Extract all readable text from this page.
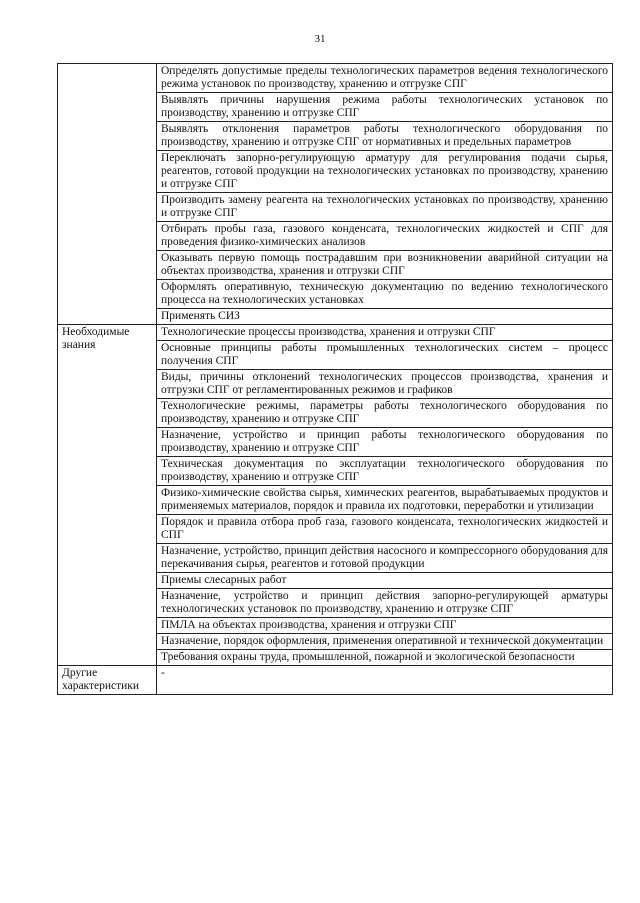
31
	Определять допустимые пределы технологических параметров ведения технологического режима установок по производству, хранению и отгрузке СПГ
	Выявлять причины нарушения режима работы технологических установок по производству, хранению и отгрузке СПГ
	Выявлять отклонения параметров работы технологического оборудования по производству, хранению и отгрузке СПГ от нормативных и предельных параметров
	Переключать запорно-регулирующую арматуру для регулирования подачи сырья, реагентов, готовой продукции на технологических установках по производству, хранению и отгрузке СПГ
	Производить замену реагента на технологических установках по производству, хранению и отгрузке СПГ
	Отбирать пробы газа, газового конденсата, технологических жидкостей и СПГ для проведения физико-химических анализов
	Оказывать первую помощь пострадавшим при возникновении аварийной ситуации на объектах производства, хранения и отгрузки СПГ
	Оформлять оперативную, техническую документацию по ведению технологического процесса на технологических установках
	Применять СИЗ
Необходимые знания	Технологические процессы производства, хранения и отгрузки СПГ
	Основные принципы работы промышленных технологических систем – процесс получения СПГ
	Виды, причины отклонений технологических процессов производства, хранения и отгрузки СПГ от регламентированных режимов и графиков
	Технологические режимы, параметры работы технологического оборудования по производству, хранению и отгрузке СПГ
	Назначение, устройство и принцип работы технологического оборудования по производству, хранению и отгрузке СПГ
	Техническая документация по эксплуатации технологического оборудования по производству, хранению и отгрузке СПГ
	Физико-химические свойства сырья, химических реагентов, вырабатываемых продуктов и применяемых материалов, порядок и правила их подготовки, переработки и утилизации
	Порядок и правила отбора проб газа, газового конденсата, технологических жидкостей и СПГ
	Назначение, устройство, принцип действия насосного и компрессорного оборудования для перекачивания сырья, реагентов и готовой продукции
	Приемы слесарных работ
	Назначение, устройство и принцип действия запорно-регулирующей арматуры технологических установок по производству, хранению и отгрузке СПГ
	ПМЛА на объектах производства, хранения и отгрузки СПГ
	Назначение, порядок оформления, применения оперативной и технической документации
	Требования охраны труда, промышленной, пожарной и экологической безопасности
Другие характеристики	-
